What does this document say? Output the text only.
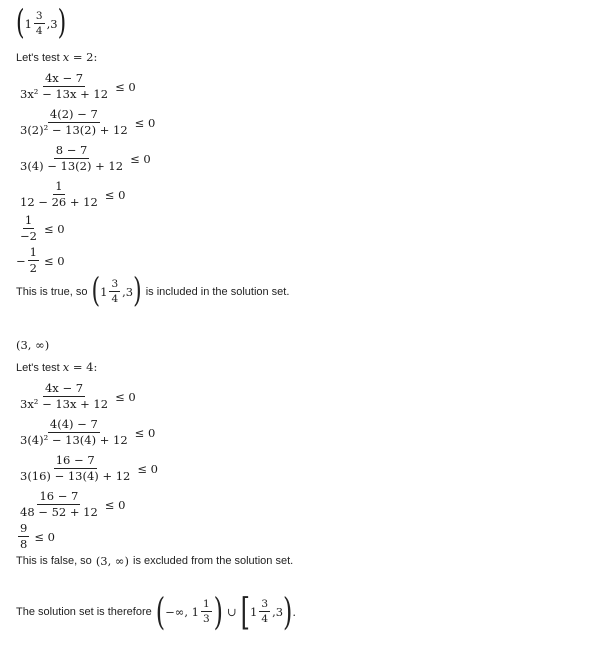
( $1 \frac{3}{4}$ , 3 )
Let's test x = 2:
$\frac{4x - 7}{\text{3x² − 13x + 12}} \le 0$
$\frac{4(2) - 7}{\text{3(2)² − 13(2) + 12}} \le 0$
$\frac{8 - 7}{3(4) - 13(2) + 12} \le 0$
$\frac{1}{12 - 26 + 12} \le 0$
$\frac{1}{-2} \le 0$
− $\frac{1}{2} \le 0$
This is true, so ( $1 \frac{3}{4}$ , 3 ) is included in the solution set.
(3, ∞)
Let's test x = 4:
$\frac{4x - 7}{\text{3x² − 13x + 12}} \le 0$
$\frac{4(4) - 7}{\text{3(4)² − 13(4) + 12}} \le 0$
$\frac{16 - 7}{3(16) - 13(4) + 12} \le 0$
$\frac{16 - 7}{48 - 52 + 12} \le 0$
$\frac{9}{8} \le 0$
This is false, so (3, ∞) is excluded from the solution set.
The solution set is therefore ( −∞, $1 \frac{1}{3}$ ) ∪ [ $1 \frac{3}{4}$ , 3 ) .
